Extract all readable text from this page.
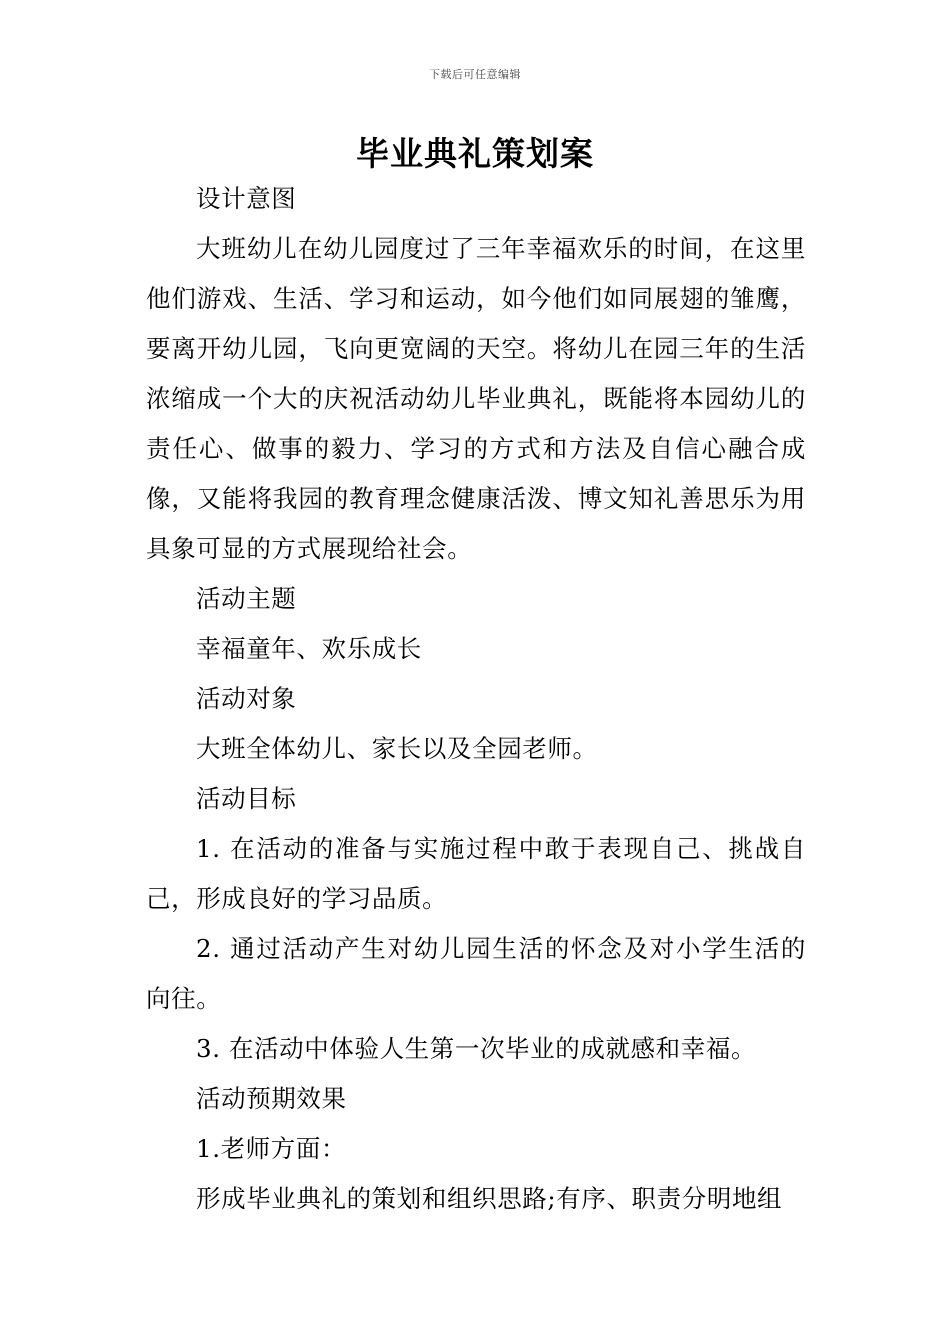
下载后可任意编辑
毕业典礼策划案

设计意图

大班幼儿在幼儿园度过了三年幸福欢乐的时间，在这里他们游戏、生活、学习和运动，如今他们如同展翅的雏鹰，要离开幼儿园，飞向更宽阔的天空。将幼儿在园三年的生活浓缩成一个大的庆祝活动幼儿毕业典礼，既能将本园幼儿的责任心、做事的毅力、学习的方式和方法及自信心融合成像，又能将我园的教育理念健康活泼、博文知礼善思乐为用具象可显的方式展现给社会。

活动主题

幸福童年、欢乐成长

活动对象

大班全体幼儿、家长以及全园老师。

活动目标

1. 在活动的准备与实施过程中敢于表现自己、挑战自己，形成良好的学习品质。

2. 通过活动产生对幼儿园生活的怀念及对小学生活的向往。

3. 在活动中体验人生第一次毕业的成就感和幸福。

活动预期效果

1.老师方面：

形成毕业典礼的策划和组织思路;有序、职责分明地组
